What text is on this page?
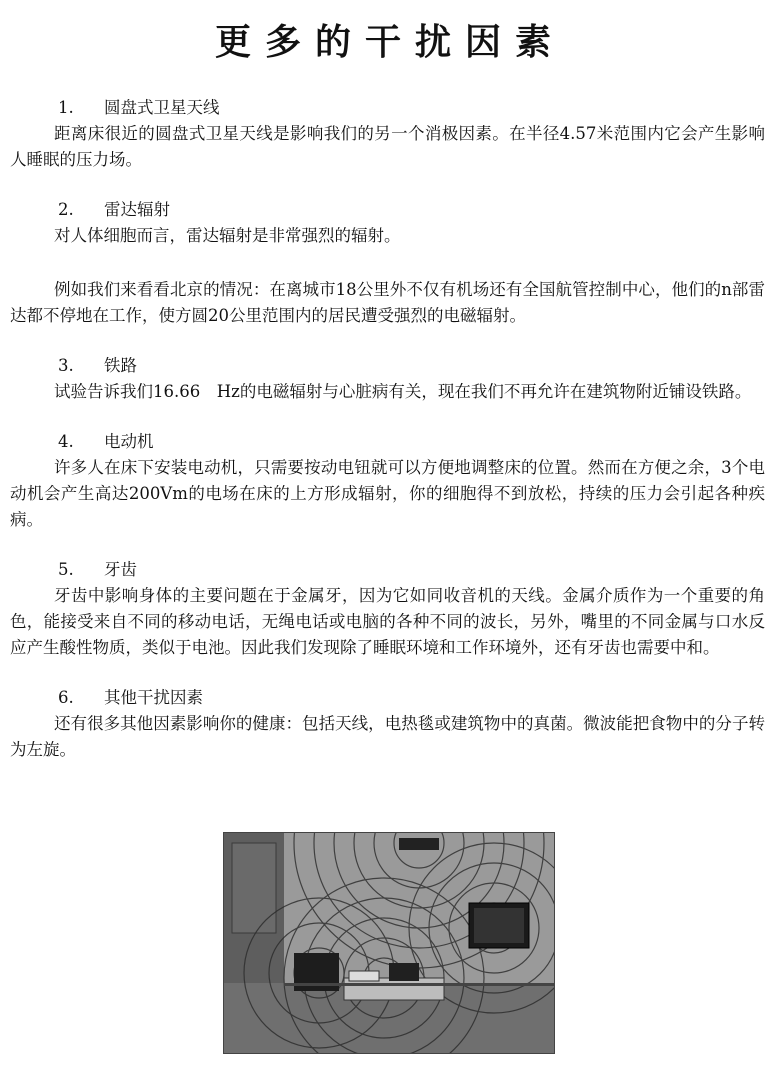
更多的干扰因素
1. 圆盘式卫星天线

距离床很近的圆盘式卫星天线是影响我们的另一个消极因素。在半径4.57米范围内它会产生影响人睡眠的压力场。

2. 雷达辐射

对人体细胞而言，雷达辐射是非常强烈的辐射。

例如我们来看看北京的情况：在离城市18公里外不仅有机场还有全国航管控制中心，他们的n部雷达都不停地在工作，使方圆20公里范围内的居民遭受强烈的电磁辐射。

3. 铁路

试验告诉我们16.66　Hz的电磁辐射与心脏病有关，现在我们不再允许在建筑物附近铺设铁路。

4. 电动机

许多人在床下安装电动机，只需要按动电钮就可以方便地调整床的位置。然而在方便之余，3个电动机会产生高达200Vm的电场在床的上方形成辐射，你的细胞得不到放松，持续的压力会引起各种疾病。

5. 牙齿

牙齿中影响身体的主要问题在于金属牙，因为它如同收音机的天线。金属介质作为一个重要的角色，能接受来自不同的移动电话，无绳电话或电脑的各种不同的波长，另外，嘴里的不同金属与口水反应产生酸性物质，类似于电池。因此我们发现除了睡眠环境和工作环境外，还有牙齿也需要中和。

6. 其他干扰因素

还有很多其他因素影响你的健康：包括天线，电热毯或建筑物中的真菌。微波能把食物中的分子转为左旋。
